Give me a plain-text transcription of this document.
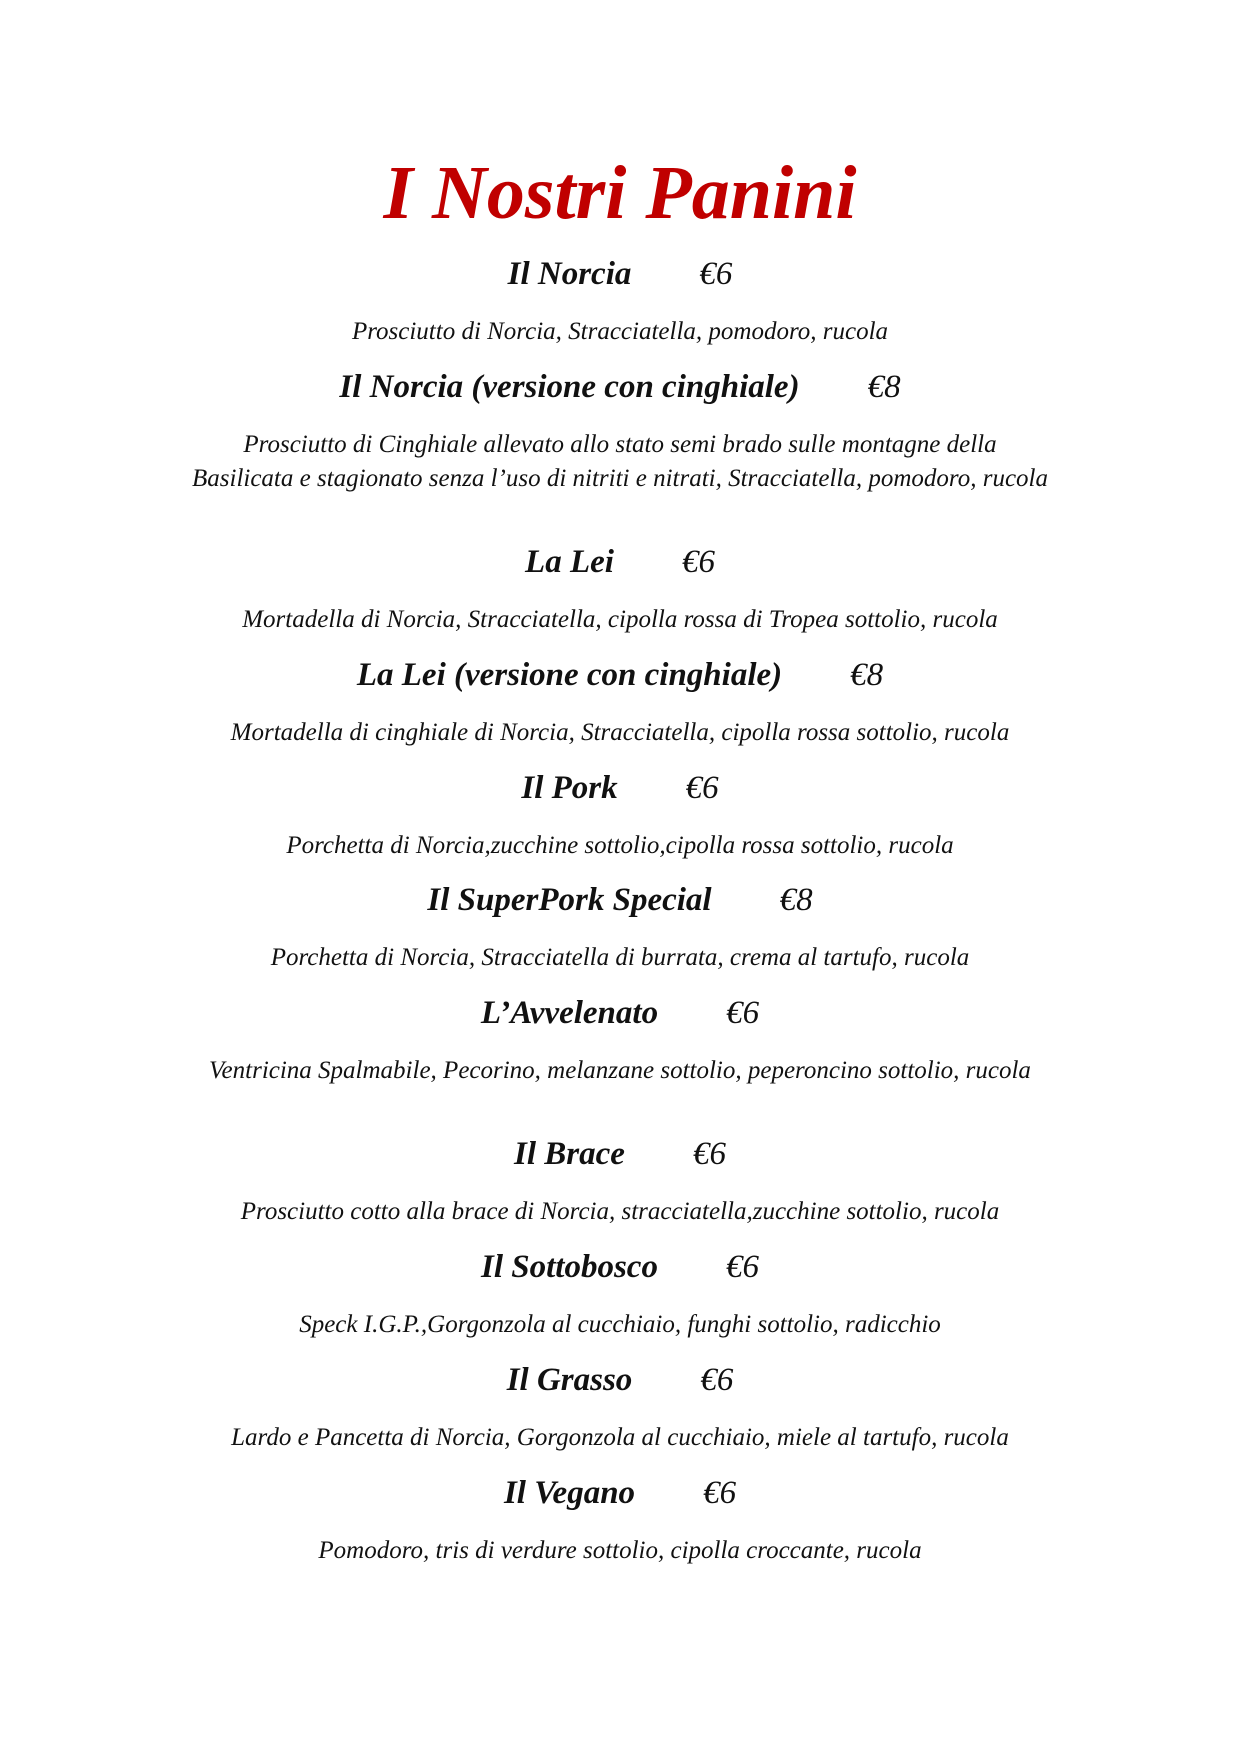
I Nostri Panini
Il Norcia €6
Prosciutto di Norcia, Stracciatella, pomodoro, rucola
Il Norcia (versione con cinghiale) €8
Prosciutto di Cinghiale allevato allo stato semi brado sulle montagne della
Basilicata e stagionato senza l’uso di nitriti e nitrati, Stracciatella, pomodoro, rucola
La Lei €6
Mortadella di Norcia, Stracciatella, cipolla rossa di Tropea sottolio, rucola
La Lei (versione con cinghiale) €8
Mortadella di cinghiale di Norcia, Stracciatella, cipolla rossa sottolio, rucola
Il Pork €6
Porchetta di Norcia,zucchine sottolio,cipolla rossa sottolio, rucola
Il SuperPork Special €8
Porchetta di Norcia, Stracciatella di burrata, crema al tartufo, rucola
L’Avvelenato €6
Ventricina Spalmabile, Pecorino, melanzane sottolio, peperoncino sottolio, rucola
Il Brace €6
Prosciutto cotto alla brace di Norcia, stracciatella,zucchine sottolio, rucola
Il Sottobosco €6
Speck I.G.P.,Gorgonzola al cucchiaio, funghi sottolio, radicchio
Il Grasso €6
Lardo e Pancetta di Norcia, Gorgonzola al cucchiaio, miele al tartufo, rucola
Il Vegano €6
Pomodoro, tris di verdure sottolio, cipolla croccante, rucola
